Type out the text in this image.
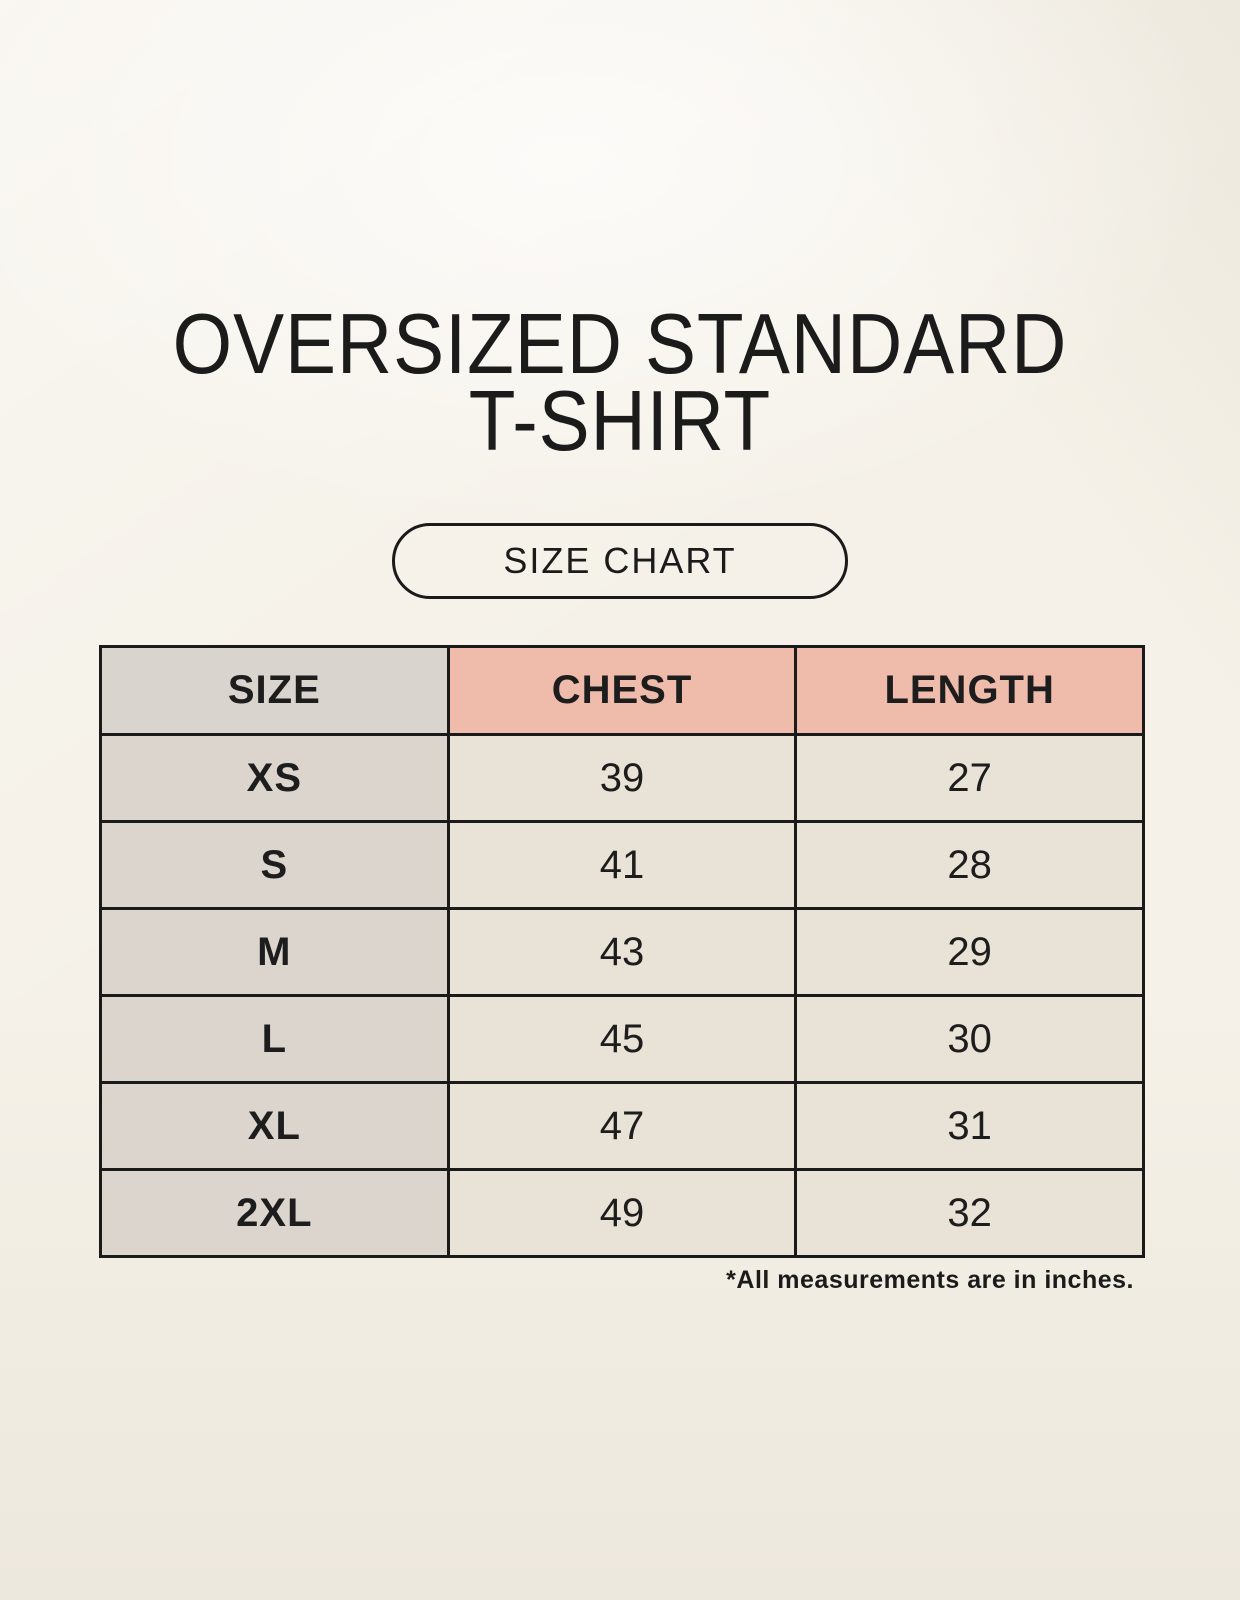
OVERSIZED STANDARD
T-SHIRT
SIZE CHART
SIZE	CHEST	LENGTH
XS	39	27
S	41	28
M	43	29
L	45	30
XL	47	31
2XL	49	32
*All measurements are in inches.
